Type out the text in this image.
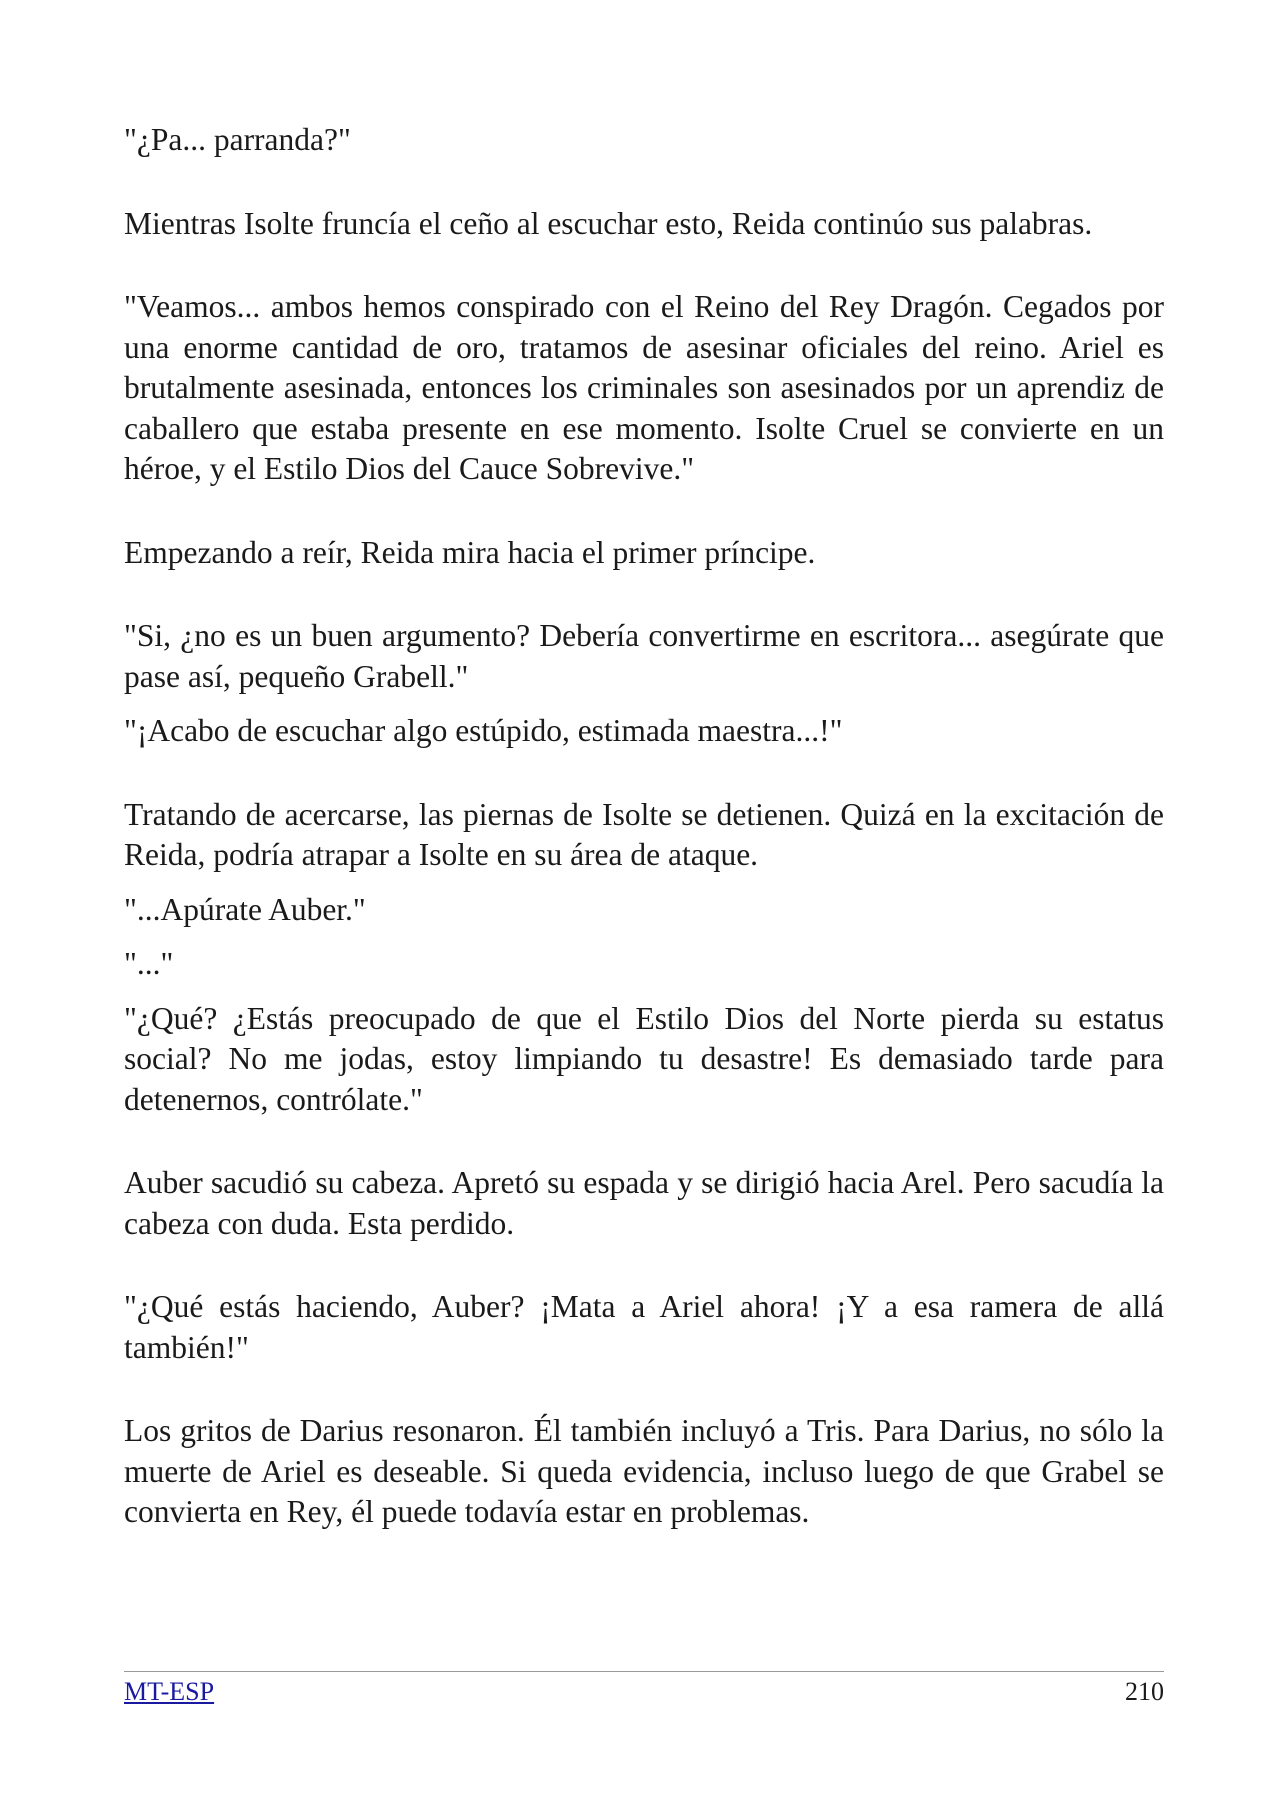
"¿Pa... parranda?"

Mientras Isolte fruncía el ceño al escuchar esto, Reida continúo sus palabras.

"Veamos... ambos hemos conspirado con el Reino del Rey Dragón. Cegados por una enorme cantidad de oro, tratamos de asesinar oficiales del reino. Ariel es brutalmente asesinada, entonces los criminales son asesinados por un aprendiz de caballero que estaba presente en ese momento. Isolte Cruel se convierte en un héroe, y el Estilo Dios del Cauce Sobrevive."

Empezando a reír, Reida mira hacia el primer príncipe.

"Si, ¿no es un buen argumento? Debería convertirme en escritora... asegúrate que pase así, pequeño Grabell."

"¡Acabo de escuchar algo estúpido, estimada maestra...!"

Tratando de acercarse, las piernas de Isolte se detienen. Quizá en la excitación de Reida, podría atrapar a Isolte en su área de ataque.

"...Apúrate Auber."

"..."

"¿Qué? ¿Estás preocupado de que el Estilo Dios del Norte pierda su estatus social? No me jodas, estoy limpiando tu desastre! Es demasiado tarde para detenernos, contrólate."

Auber sacudió su cabeza. Apretó su espada y se dirigió hacia Arel. Pero sacudía la cabeza con duda. Esta perdido.

"¿Qué estás haciendo, Auber? ¡Mata a Ariel ahora! ¡Y a esa ramera de allá también!"

Los gritos de Darius resonaron. Él también incluyó a Tris. Para Darius, no sólo la muerte de Ariel es deseable. Si queda evidencia, incluso luego de que Grabel se convierta en Rey, él puede todavía estar en problemas.

MT-ESP	210
